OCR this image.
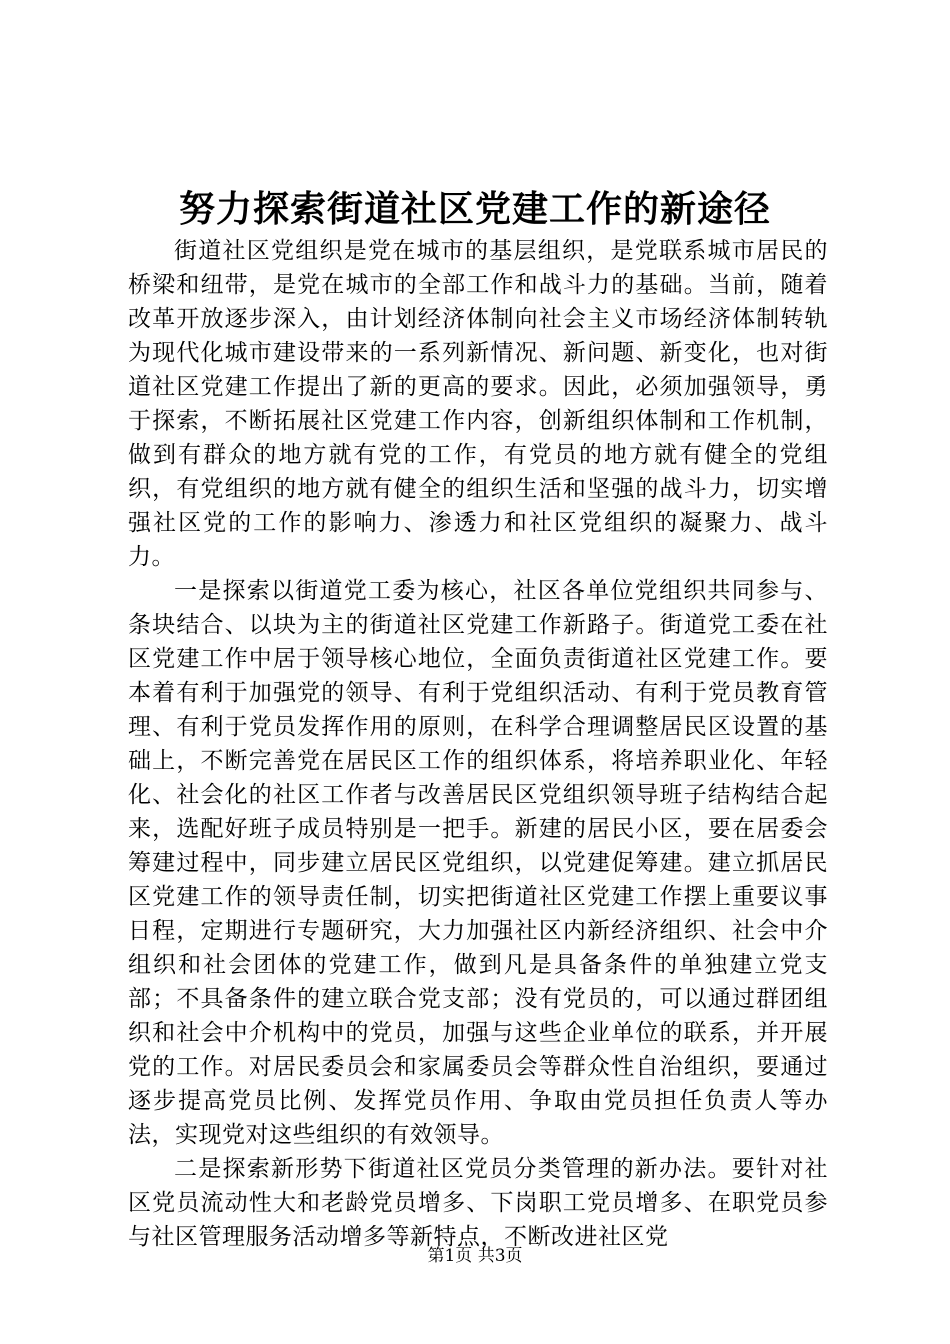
努力探索街道社区党建工作的新途径

街道社区党组织是党在城市的基层组织，是党联系城市居民的桥梁和纽带，是党在城市的全部工作和战斗力的基础。当前，随着改革开放逐步深入，由计划经济体制向社会主义市场经济体制转轨为现代化城市建设带来的一系列新情况、新问题、新变化，也对街道社区党建工作提出了新的更高的要求。因此，必须加强领导，勇于探索，不断拓展社区党建工作内容，创新组织体制和工作机制，做到有群众的地方就有党的工作，有党员的地方就有健全的党组织，有党组织的地方就有健全的组织生活和坚强的战斗力，切实增强社区党的工作的影响力、渗透力和社区党组织的凝聚力、战斗力。

一是探索以街道党工委为核心，社区各单位党组织共同参与、条块结合、以块为主的街道社区党建工作新路子。街道党工委在社区党建工作中居于领导核心地位，全面负责街道社区党建工作。要本着有利于加强党的领导、有利于党组织活动、有利于党员教育管理、有利于党员发挥作用的原则，在科学合理调整居民区设置的基础上，不断完善党在居民区工作的组织体系，将培养职业化、年轻化、社会化的社区工作者与改善居民区党组织领导班子结构结合起来，选配好班子成员特别是一把手。新建的居民小区，要在居委会筹建过程中，同步建立居民区党组织，以党建促筹建。建立抓居民区党建工作的领导责任制，切实把街道社区党建工作摆上重要议事日程，定期进行专题研究，大力加强社区内新经济组织、社会中介组织和社会团体的党建工作，做到凡是具备条件的单独建立党支部；不具备条件的建立联合党支部；没有党员的，可以通过群团组织和社会中介机构中的党员，加强与这些企业单位的联系，并开展党的工作。对居民委员会和家属委员会等群众性自治组织，要通过逐步提高党员比例、发挥党员作用、争取由党员担任负责人等办法，实现党对这些组织的有效领导。

二是探索新形势下街道社区党员分类管理的新办法。要针对社区党员流动性大和老龄党员增多、下岗职工党员增多、在职党员参与社区管理服务活动增多等新特点，不断改进社区党

第1页 共3页
